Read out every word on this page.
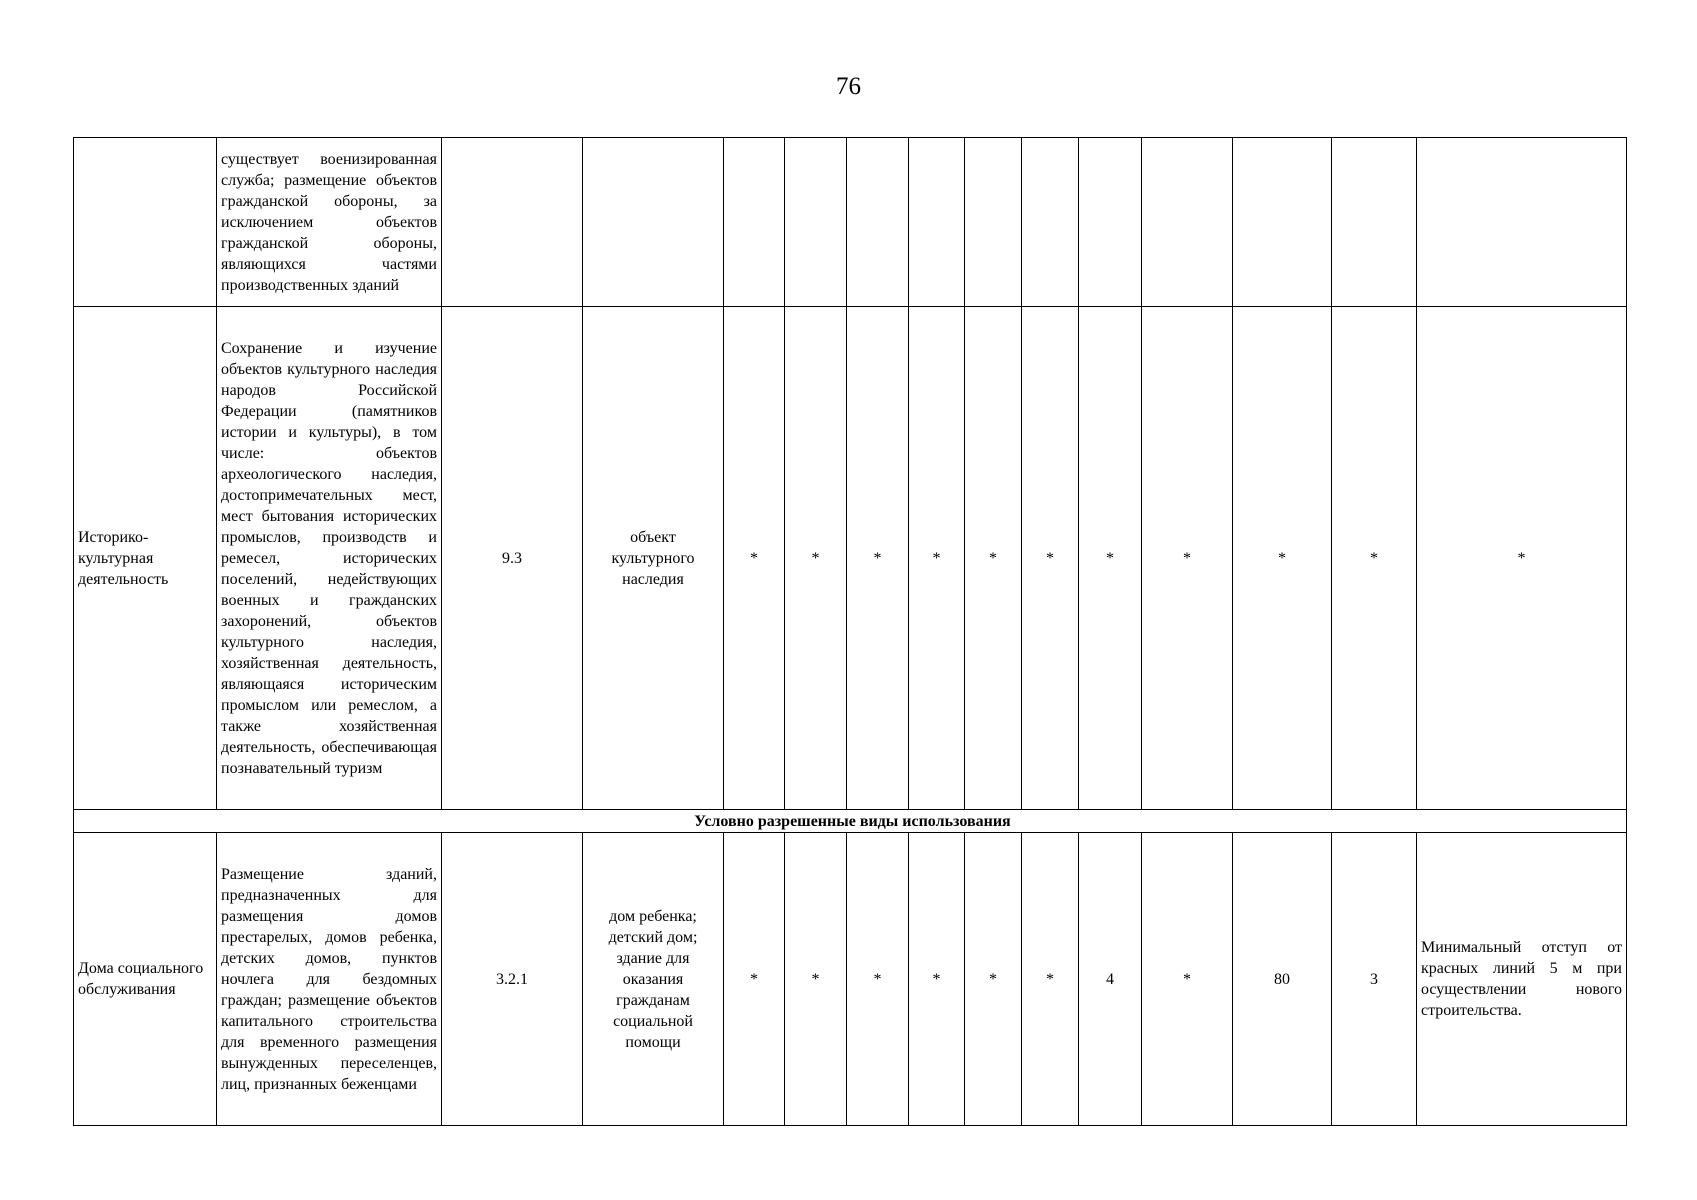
76
	существует военизированная служба; размещение объектов гражданской обороны, за исключением объектов гражданской обороны, являющихся частями производственных зданий													
Историко-культурная деятельность	Сохранение и изучение объектов культурного наследия народов Российской Федерации (памятников истории и культуры), в том числе: объектов археологического наследия, достопримечательных мест, мест бытования исторических промыслов, производств и ремесел, исторических поселений, недействующих военных и гражданских захоронений, объектов культурного наследия, хозяйственная деятельность, являющаяся историческим промыслом или ремеслом, а также хозяйственная деятельность, обеспечивающая познавательный туризм	9.3	объект культурного наследия	*	*	*	*	*	*	*	*	*	*	*

Условно разрешенные виды использования														

Дома социального обслуживания	Размещение зданий, предназначенных для размещения домов престарелых, домов ребенка, детских домов, пунктов ночлега для бездомных граждан; размещение объектов капитального строительства для временного размещения вынужденных переселенцев, лиц, признанных беженцами	3.2.1	дом ребенка; детский дом; здание для оказания гражданам социальной помощи	*	*	*	*	*	*	4	*	80	3	Минимальный отступ от красных линий 5 м при осуществлении нового строительства.
